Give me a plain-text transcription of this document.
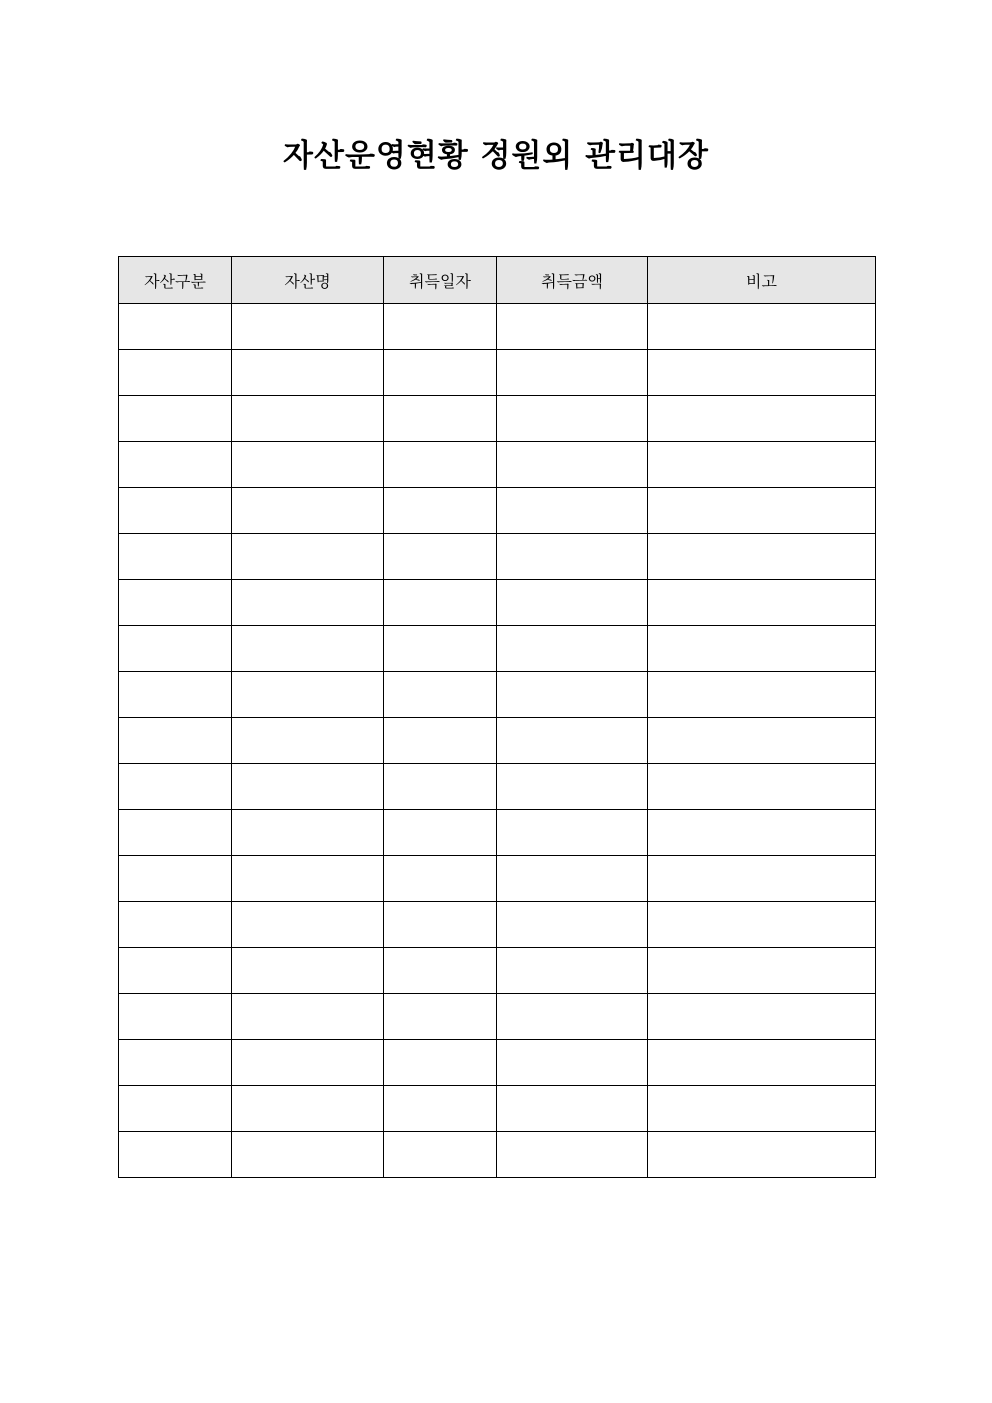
자산운영현황 정원외 관리대장
자산구분	자산명	취득일자	취득금액	비고
